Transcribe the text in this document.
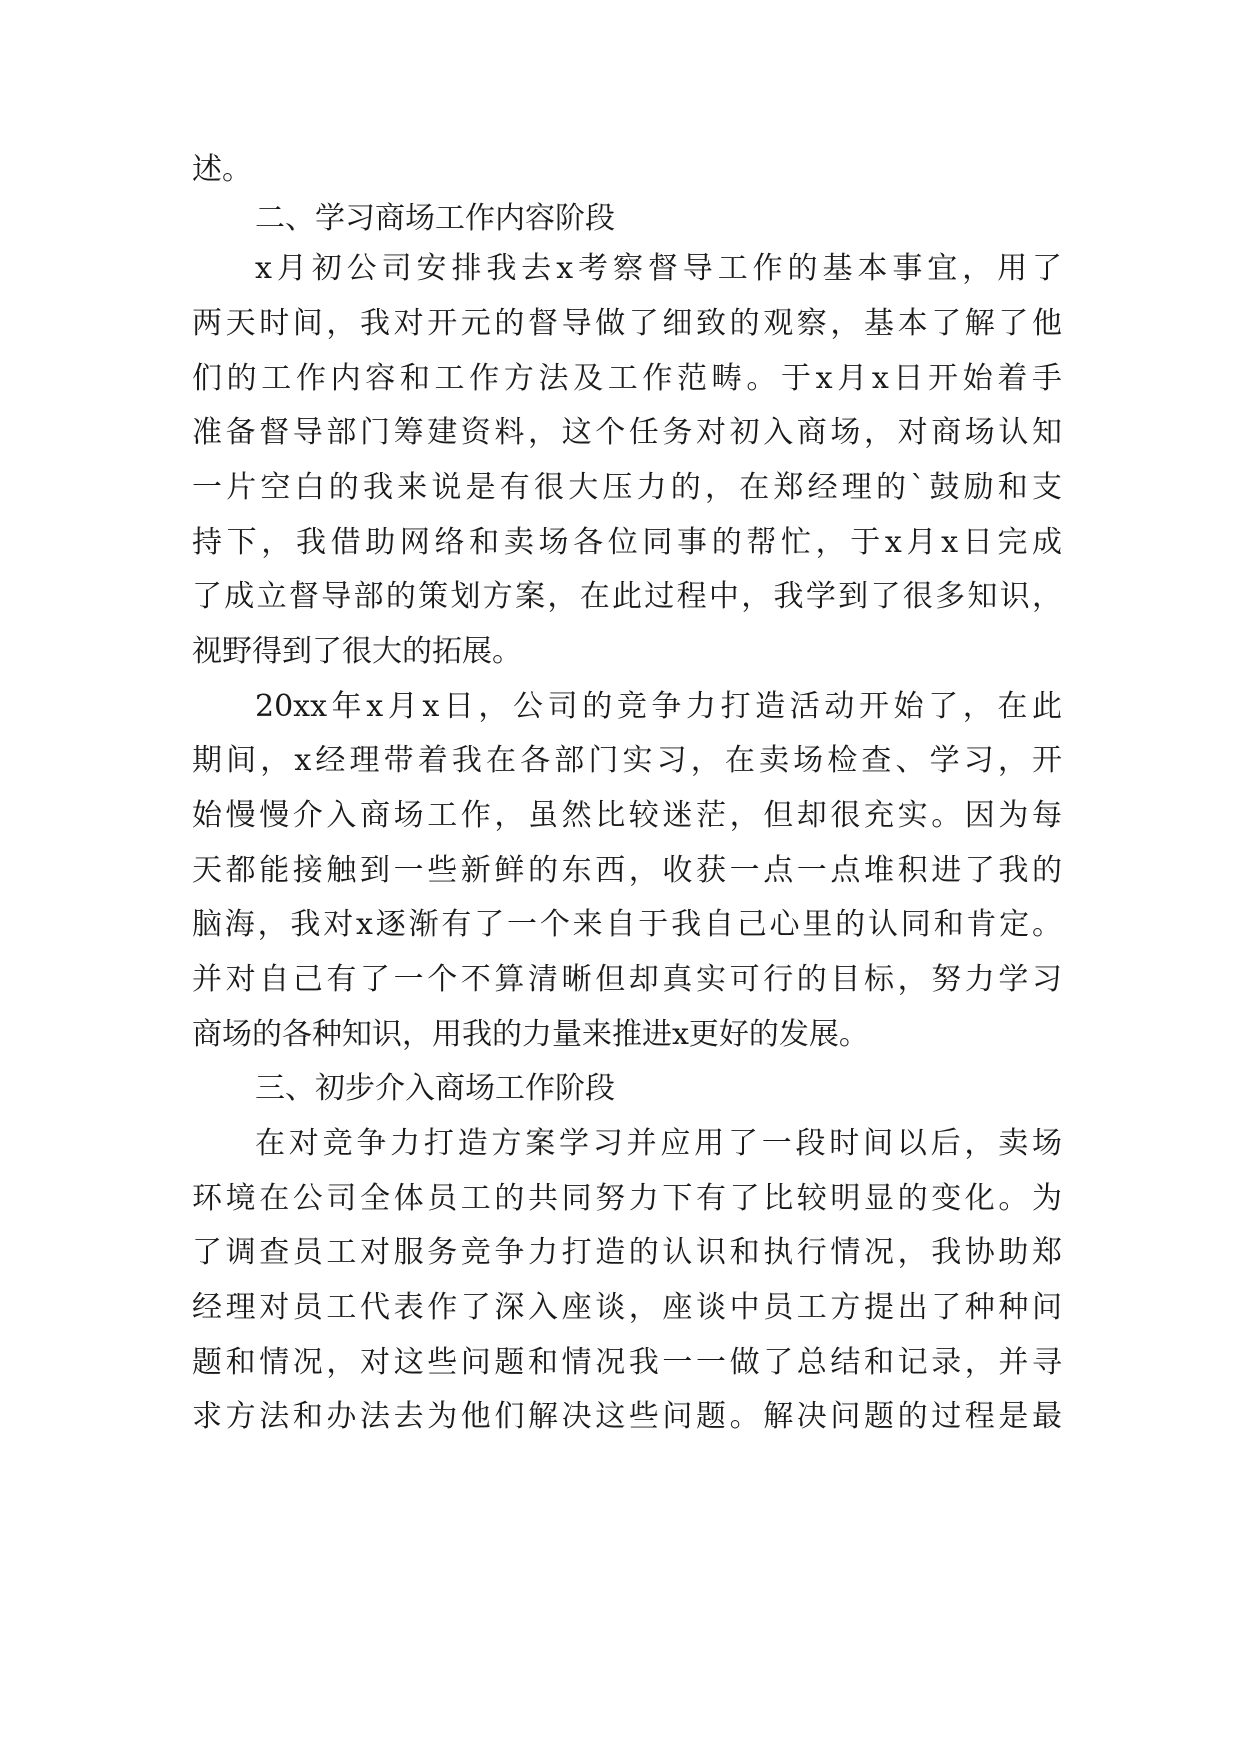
述。
二、学习商场工作内容阶段
x月初公司安排我去x考察督导工作的基本事宜，用了
两天时间，我对开元的督导做了细致的观察，基本了解了他
们的工作内容和工作方法及工作范畴。于x月x日开始着手
准备督导部门筹建资料，这个任务对初入商场，对商场认知
一片空白的我来说是有很大压力的，在郑经理的`鼓励和支
持下，我借助网络和卖场各位同事的帮忙，于x月x日完成
了成立督导部的策划方案，在此过程中，我学到了很多知识，
视野得到了很大的拓展。
20xx年x月x日，公司的竞争力打造活动开始了，在此
期间，x经理带着我在各部门实习，在卖场检查、学习，开
始慢慢介入商场工作，虽然比较迷茫，但却很充实。因为每
天都能接触到一些新鲜的东西，收获一点一点堆积进了我的
脑海，我对x逐渐有了一个来自于我自己心里的认同和肯定。
并对自己有了一个不算清晰但却真实可行的目标，努力学习
商场的各种知识，用我的力量来推进x更好的发展。
三、初步介入商场工作阶段
在对竞争力打造方案学习并应用了一段时间以后，卖场
环境在公司全体员工的共同努力下有了比较明显的变化。为
了调查员工对服务竞争力打造的认识和执行情况，我协助郑
经理对员工代表作了深入座谈，座谈中员工方提出了种种问
题和情况，对这些问题和情况我一一做了总结和记录，并寻
求方法和办法去为他们解决这些问题。解决问题的过程是最
